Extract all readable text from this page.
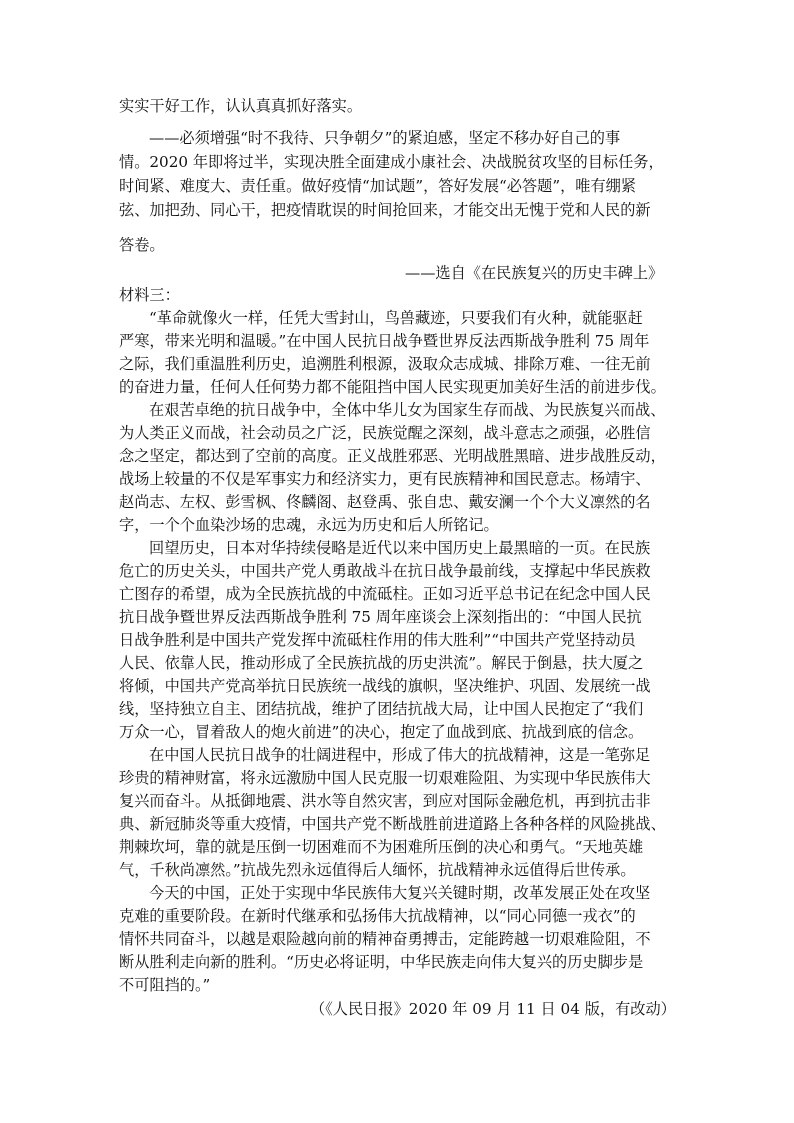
实实干好工作，认认真真抓好落实。
——必须增强“时不我待、只争朝夕”的紧迫感，坚定不移办好自己的事
情。2020 年即将过半，实现决胜全面建成小康社会、决战脱贫攻坚的目标任务，
时间紧、难度大、责任重。做好疫情“加试题”，答好发展“必答题”，唯有绷紧
弦、加把劲、同心干，把疫情耽误的时间抢回来，才能交出无愧于党和人民的新
答卷。
——选自《在民族复兴的历史丰碑上》
材料三：
“革命就像火一样，任凭大雪封山，鸟兽藏迹，只要我们有火种，就能驱赶
严寒，带来光明和温暖。”在中国人民抗日战争暨世界反法西斯战争胜利 75 周年
之际，我们重温胜利历史，追溯胜利根源，汲取众志成城、排除万难、一往无前
的奋进力量，任何人任何势力都不能阻挡中国人民实现更加美好生活的前进步伐。
在艰苦卓绝的抗日战争中，全体中华儿女为国家生存而战、为民族复兴而战、
为人类正义而战，社会动员之广泛，民族觉醒之深刻，战斗意志之顽强，必胜信
念之坚定，都达到了空前的高度。正义战胜邪恶、光明战胜黑暗、进步战胜反动，
战场上较量的不仅是军事实力和经济实力，更有民族精神和国民意志。杨靖宇、
赵尚志、左权、彭雪枫、佟麟阁、赵登禹、张自忠、戴安澜一个个大义凛然的名
字，一个个血染沙场的忠魂，永远为历史和后人所铭记。
回望历史，日本对华持续侵略是近代以来中国历史上最黑暗的一页。在民族
危亡的历史关头，中国共产党人勇敢战斗在抗日战争最前线，支撑起中华民族救
亡图存的希望，成为全民族抗战的中流砥柱。正如习近平总书记在纪念中国人民
抗日战争暨世界反法西斯战争胜利 75 周年座谈会上深刻指出的：“中国人民抗
日战争胜利是中国共产党发挥中流砥柱作用的伟大胜利”“中国共产党坚持动员
人民、依靠人民，推动形成了全民族抗战的历史洪流”。解民于倒悬，扶大厦之
将倾，中国共产党高举抗日民族统一战线的旗帜，坚决维护、巩固、发展统一战
线，坚持独立自主、团结抗战，维护了团结抗战大局，让中国人民抱定了“我们
万众一心，冒着敌人的炮火前进”的决心，抱定了血战到底、抗战到底的信念。
在中国人民抗日战争的壮阔进程中，形成了伟大的抗战精神，这是一笔弥足
珍贵的精神财富，将永远激励中国人民克服一切艰难险阻、为实现中华民族伟大
复兴而奋斗。从抵御地震、洪水等自然灾害，到应对国际金融危机，再到抗击非
典、新冠肺炎等重大疫情，中国共产党不断战胜前进道路上各种各样的风险挑战、
荆棘坎坷，靠的就是压倒一切困难而不为困难所压倒的决心和勇气。“天地英雄
气，千秋尚凛然。”抗战先烈永远值得后人缅怀，抗战精神永远值得后世传承。
今天的中国，正处于实现中华民族伟大复兴关键时期，改革发展正处在攻坚
克难的重要阶段。在新时代继承和弘扬伟大抗战精神，以“同心同德一戎衣”的
情怀共同奋斗，以越是艰险越向前的精神奋勇搏击，定能跨越一切艰难险阻，不
断从胜利走向新的胜利。“历史必将证明，中华民族走向伟大复兴的历史脚步是
不可阻挡的。”
（《人民日报》2020 年 09 月 11 日 04 版，有改动）
